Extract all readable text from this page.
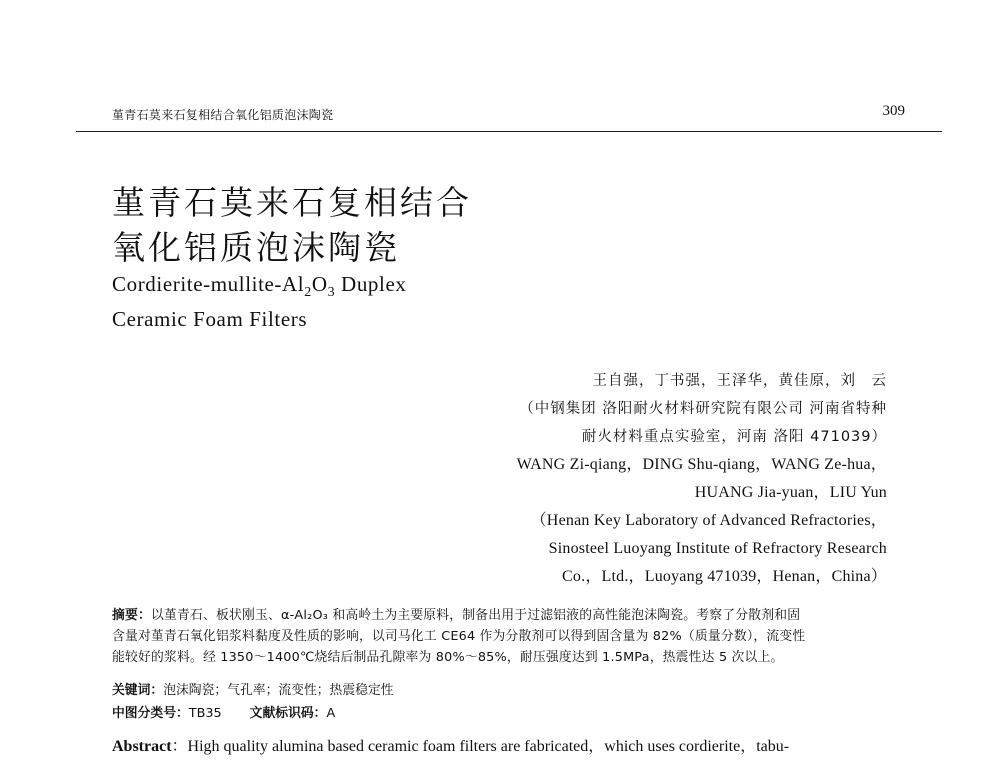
堇青石莫来石复相结合氧化铝质泡沫陶瓷	309
堇青石莫来石复相结合
氧化铝质泡沫陶瓷
Cordierite-$mullite-Al_2O_3$ Duplex
Ceramic Foam Filters
王自强，丁书强，王泽华，黄佳原，刘　云
（中钢集团 洛阳耐火材料研究院有限公司 河南省特种
耐火材料重点实验室，河南 洛阳 471039）
WANG Zi-qiang，DING Shu-qiang，WANG Ze-hua，
HUANG Jia-yuan，LIU Yun
（Henan Key Laboratory of Advanced Refractories，
Sinosteel Luoyang Institute of Refractory Research
Co.，Ltd.，Luoyang 471039，Henan，China）
摘要：以堇青石、板状刚玉、α-Al₂O₃ 和高岭土为主要原料，制备出用于过滤铝液的高性能泡沫陶瓷。考察了分散剂和固
含量对堇青石氧化铝浆料黏度及性质的影响，以司马化工 CE64 作为分散剂可以得到固含量为 82%（质量分数），流变性
能较好的浆料。经 1350～1400℃烧结后制品孔隙率为 80%～85%，耐压强度达到 1.5MPa，热震性达 5 次以上。
关键词：泡沫陶瓷；气孔率；流变性；热震稳定性
中图分类号：TB35 文献标识码：A
Abstract：High quality alumina based ceramic foam filters are fabricated，which uses cordierite，tabu-
